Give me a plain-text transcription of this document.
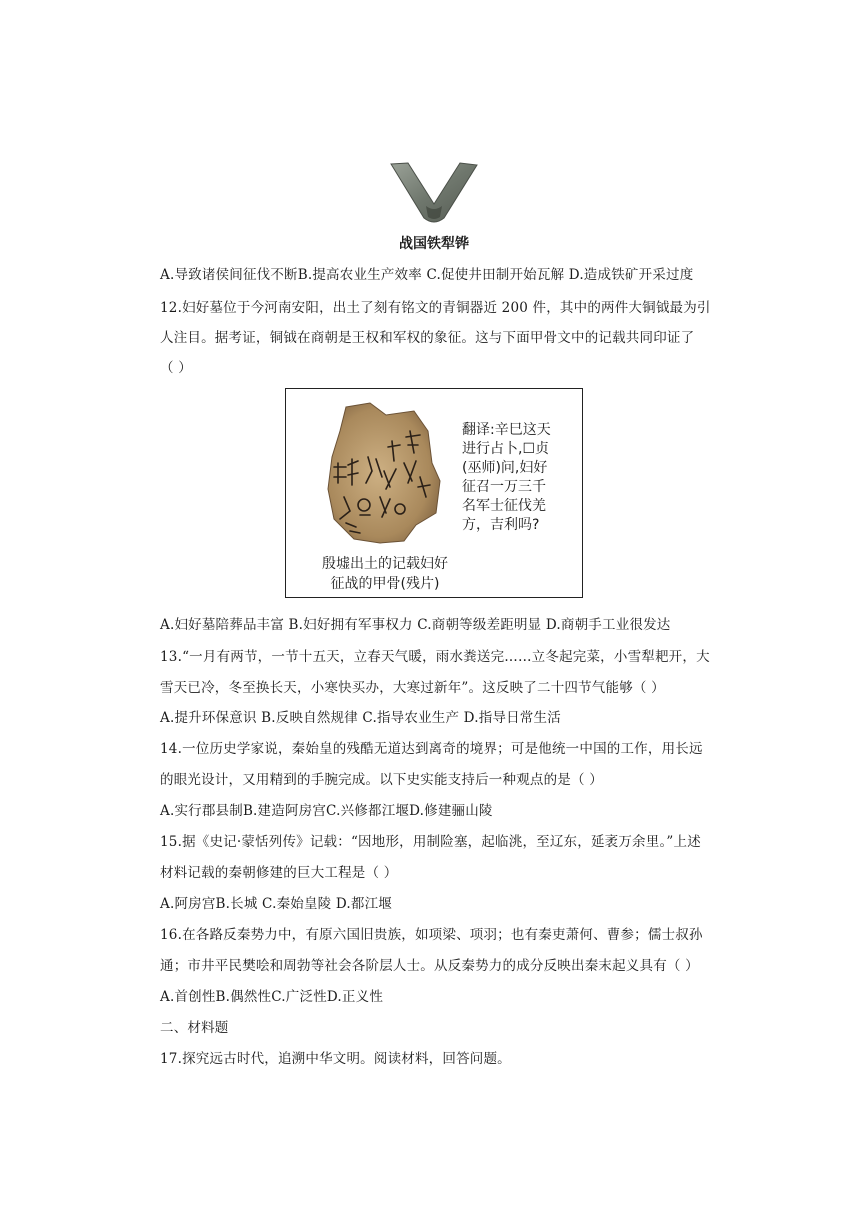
战国铁犁铧
A.导致诸侯间征伐不断B.提高农业生产效率 C.促使井田制开始瓦解 D.造成铁矿开采过度
12.妇好墓位于今河南安阳，出土了刻有铭文的青铜器近 200 件，其中的两件大铜钺最为引
人注目。据考证，铜钺在商朝是王权和军权的象征。这与下面甲骨文中的记载共同印证了
（ ）
殷墟出土的记载妇好
征战的甲骨(残片)
翻译:辛巳这天
进行占卜,☐贞
(巫师)问,妇好
征召一万三千
名军士征伐羌
方，吉利吗?
A.妇好墓陪葬品丰富 B.妇好拥有军事权力 C.商朝等级差距明显 D.商朝手工业很发达
13.“一月有两节，一节十五天，立春天气暖，雨水粪送完……立冬起完菜，小雪犁耙开，大
雪天已冷，冬至换长天，小寒快买办，大寒过新年”。这反映了二十四节气能够（ ）
A.提升环保意识 B.反映自然规律 C.指导农业生产 D.指导日常生活
14.一位历史学家说，秦始皇的残酷无道达到离奇的境界；可是他统一中国的工作，用长远
的眼光设计，又用精到的手腕完成。以下史实能支持后一种观点的是（ ）
A.实行郡县制B.建造阿房宫C.兴修都江堰D.修建骊山陵
15.据《史记·蒙恬列传》记载：“因地形，用制险塞，起临洮，至辽东，延袤万余里。”上述
材料记载的秦朝修建的巨大工程是（ ）
A.阿房宫B.长城 C.秦始皇陵 D.都江堰
16.在各路反秦势力中，有原六国旧贵族，如项梁、项羽；也有秦吏萧何、曹参；儒士叔孙
通；市井平民樊哙和周勃等社会各阶层人士。从反秦势力的成分反映出秦末起义具有（ ）
A.首创性B.偶然性C.广泛性D.正义性
二、材料题
17.探究远古时代，追溯中华文明。阅读材料，回答问题。
